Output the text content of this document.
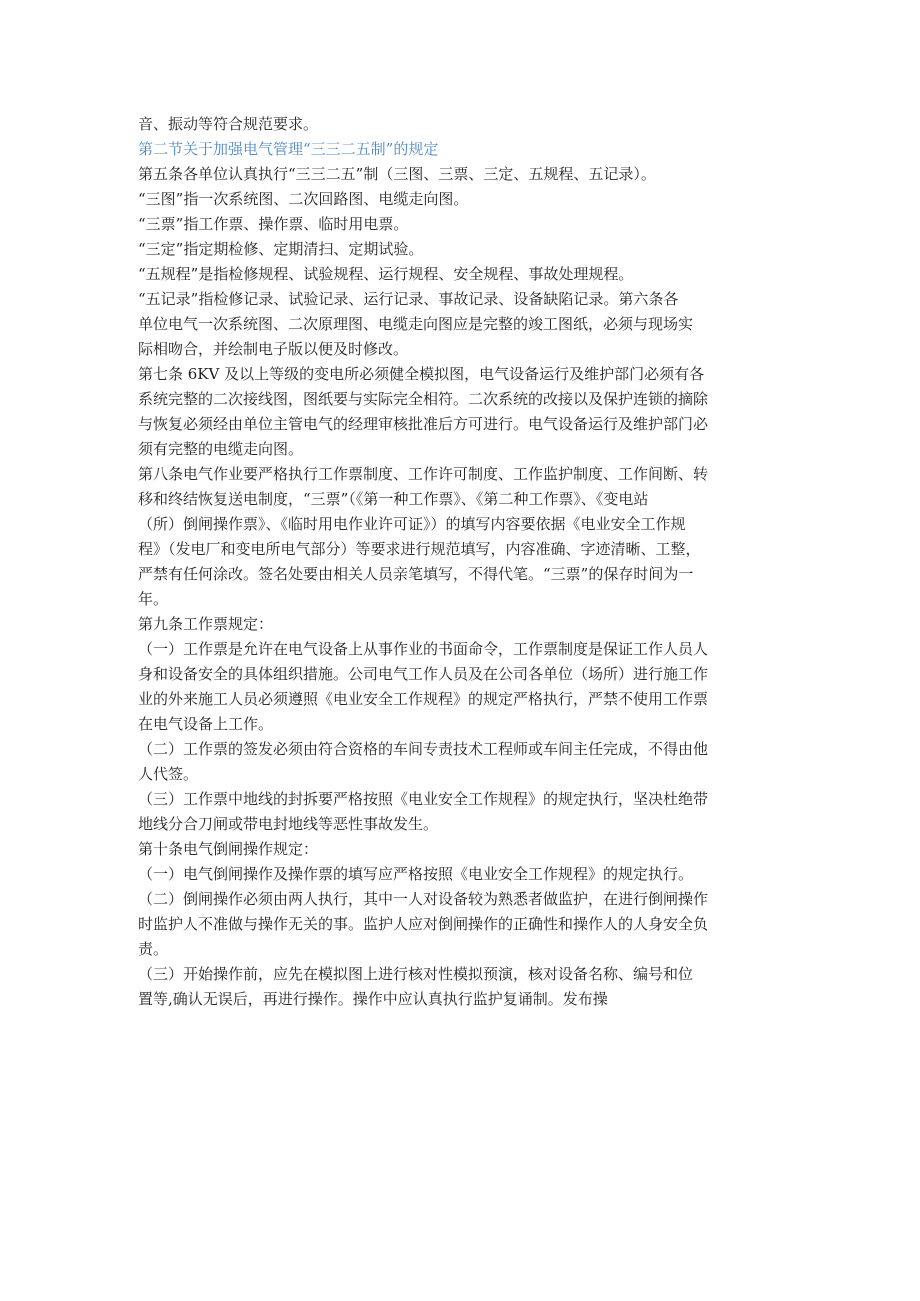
音、振动等符合规范要求。
第二节关于加强电气管理“三三二五制”的规定
第五条各单位认真执行“三三二五”制（三图、三票、三定、五规程、五记录）。
“三图”指一次系统图、二次回路图、电缆走向图。
“三票”指工作票、操作票、临时用电票。
“三定”指定期检修、定期清扫、定期试验。
“五规程”是指检修规程、试验规程、运行规程、安全规程、事故处理规程。
“五记录”指检修记录、试验记录、运行记录、事故记录、设备缺陷记录。第六条各
单位电气一次系统图、二次原理图、电缆走向图应是完整的竣工图纸，必须与现场实
际相吻合，并绘制电子版以便及时修改。
第七条 6KV 及以上等级的变电所必须健全模拟图，电气设备运行及维护部门必须有各
系统完整的二次接线图，图纸要与实际完全相符。二次系统的改接以及保护连锁的摘除
与恢复必须经由单位主管电气的经理审核批准后方可进行。电气设备运行及维护部门必
须有完整的电缆走向图。
第八条电气作业要严格执行工作票制度、工作许可制度、工作监护制度、工作间断、转
移和终结恢复送电制度，“三票”（《第一种工作票》、《第二种工作票》、《变电站
（所）倒闸操作票》、《临时用电作业许可证》）的填写内容要依据《电业安全工作规
程》（发电厂和变电所电气部分）等要求进行规范填写，内容准确、字迹清晰、工整，
严禁有任何涂改。签名处要由相关人员亲笔填写，不得代笔。“三票”的保存时间为一
年。
第九条工作票规定：
（一）工作票是允许在电气设备上从事作业的书面命令，工作票制度是保证工作人员人
身和设备安全的具体组织措施。公司电气工作人员及在公司各单位（场所）进行施工作
业的外来施工人员必须遵照《电业安全工作规程》的规定严格执行，严禁不使用工作票
在电气设备上工作。
（二）工作票的签发必须由符合资格的车间专责技术工程师或车间主任完成，不得由他
人代签。
（三）工作票中地线的封拆要严格按照《电业安全工作规程》的规定执行，坚决杜绝带
地线分合刀闸或带电封地线等恶性事故发生。
第十条电气倒闸操作规定：
（一）电气倒闸操作及操作票的填写应严格按照《电业安全工作规程》的规定执行。
（二）倒闸操作必须由两人执行，其中一人对设备较为熟悉者做监护，在进行倒闸操作
时监护人不准做与操作无关的事。监护人应对倒闸操作的正确性和操作人的人身安全负
责。
（三）开始操作前，应先在模拟图上进行核对性模拟预演，核对设备名称、编号和位
置等,确认无误后，再进行操作。操作中应认真执行监护复诵制。发布操
